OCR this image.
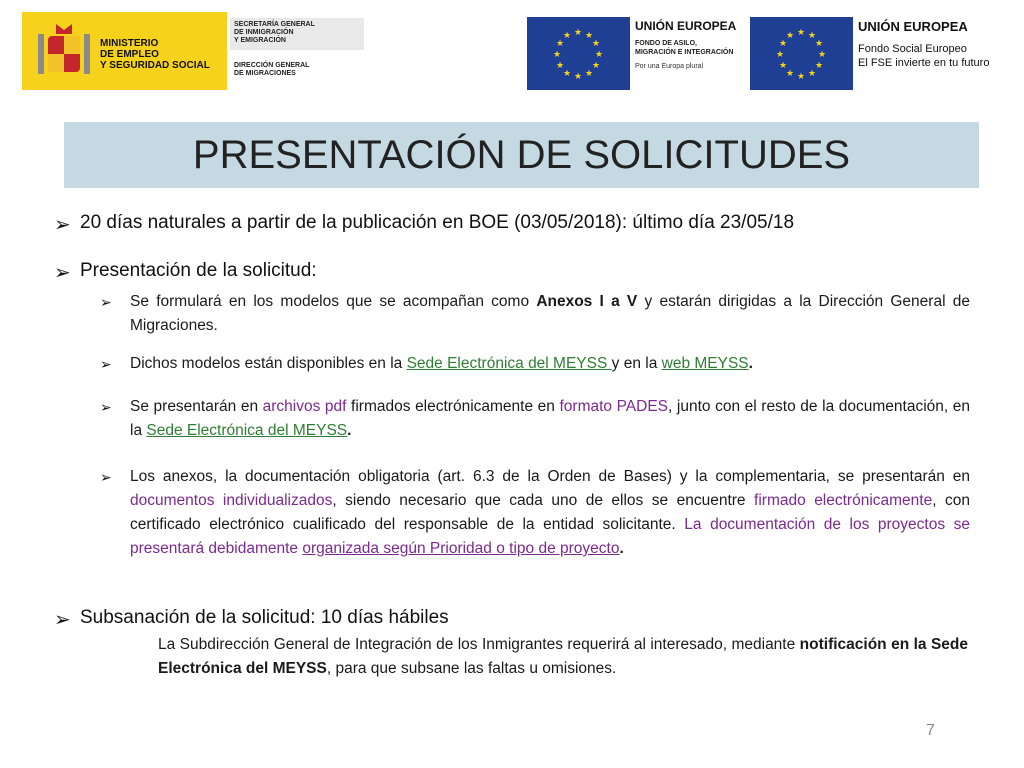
MINISTERIO
DE EMPLEO
Y SEGURIDAD SOCIAL
SECRETARÍA GENERAL
DE INMIGRACIÓN
Y EMIGRACIÓN
DIRECCIÓN GENERAL
DE MIGRACIONES
★ ★
★
★
★
★
★
★
★
★
★
★
UNIÓN EUROPEA
FONDO DE ASILO,
MIGRACIÓN E INTEGRACIÓN
Por una Europa plural
★ ★
★
★
★
★
★
★
★
★
★
★
UNIÓN EUROPEA
Fondo Social Europeo
El FSE invierte en tu futuro
PRESENTACIÓN DE SOLICITUDES
➢ 20 días naturales a partir de la publicación en BOE (03/05/2018): último día 23/05/18
➢ Presentación de la solicitud:
➢ Se formulará en los modelos que se acompañan como Anexos I a V y estarán dirigidas a la Dirección General de Migraciones.
➢ Dichos modelos están disponibles en la Sede Electrónica del MEYSS y en la web MEYSS.
➢ Se presentarán en archivos pdf firmados electrónicamente en formato PADES, junto con el resto de la documentación, en la Sede Electrónica del MEYSS.
➢ Los anexos, la documentación obligatoria (art. 6.3 de la Orden de Bases) y la complementaria, se presentarán en documentos individualizados, siendo necesario que cada uno de ellos se encuentre firmado electrónicamente, con certificado electrónico cualificado del responsable de la entidad solicitante. La documentación de los proyectos se presentará debidamente organizada según Prioridad o tipo de proyecto.
➢ Subsanación de la solicitud: 10 días hábiles
La Subdirección General de Integración de los Inmigrantes requerirá al interesado, mediante notificación en la Sede Electrónica del MEYSS, para que subsane las faltas u omisiones.
7
